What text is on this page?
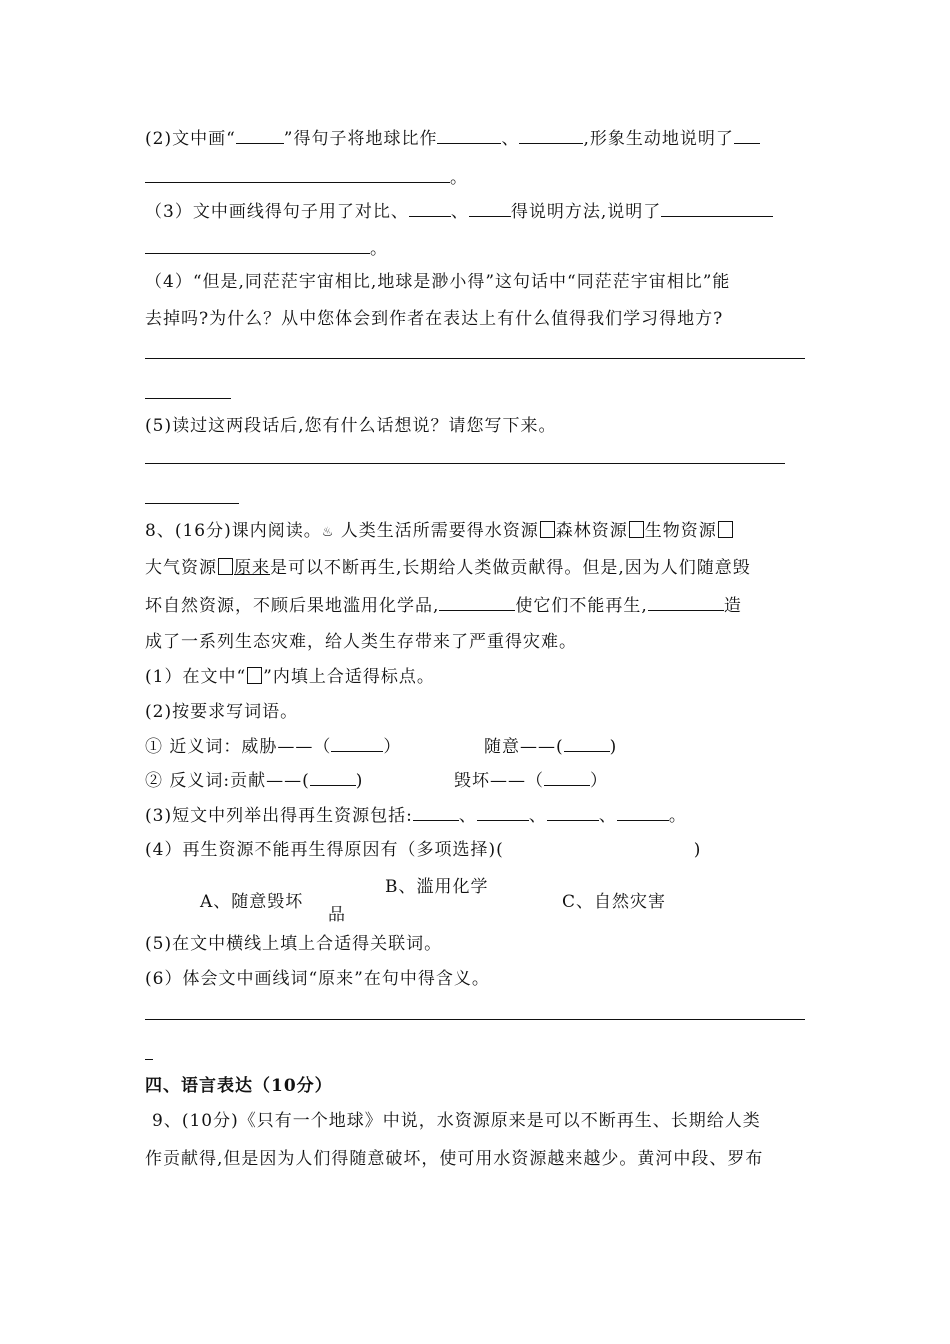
(2)文中画“	”得句子将地球比作	、	,形象生动地说明了
。
（3）文中画线得句子用了对比、 、 得说明方法,说明了
。
（4）“但是,同茫茫宇宙相比,地球是渺小得”这句话中“同茫茫宇宙相比”能
去掉吗?为什么？从中您体会到作者在表达上有什么值得我们学习得地方?
(5)读过这两段话后,您有什么话想说？请您写下来。
8、(16分)课内阅读。♨ 人类生活所需要得水资源 森林资源 生物资源
大气资源 原来是可以不断再生,长期给人类做贡献得。但是,因为人们随意毁
坏自然资源，不顾后果地滥用化学品,	使它们不能再生,	造
成了一系列生态灾难，给人类生存带来了严重得灾难。
(1）在文中“ ”内填上合适得标点。
(2)按要求写词语。
① 近义词：威胁——（	）	随意——(	)
② 反义词:贡献——(	)	毁坏——（	）
(3)短文中列举出得再生资源包括:	、	、	、	。
(4）再生资源不能再生得原因有（多项选择)(	)
A、随意毁坏
B、滥用化学
品
C、自然灾害
(5)在文中横线上填上合适得关联词。
(6）体会文中画线词“原来”在句中得含义。
四、语言表达（10分）
9、(10分)《只有一个地球》中说，水资源原来是可以不断再生、长期给人类
作贡献得,但是因为人们得随意破坏，使可用水资源越来越少。黄河中段、罗布
